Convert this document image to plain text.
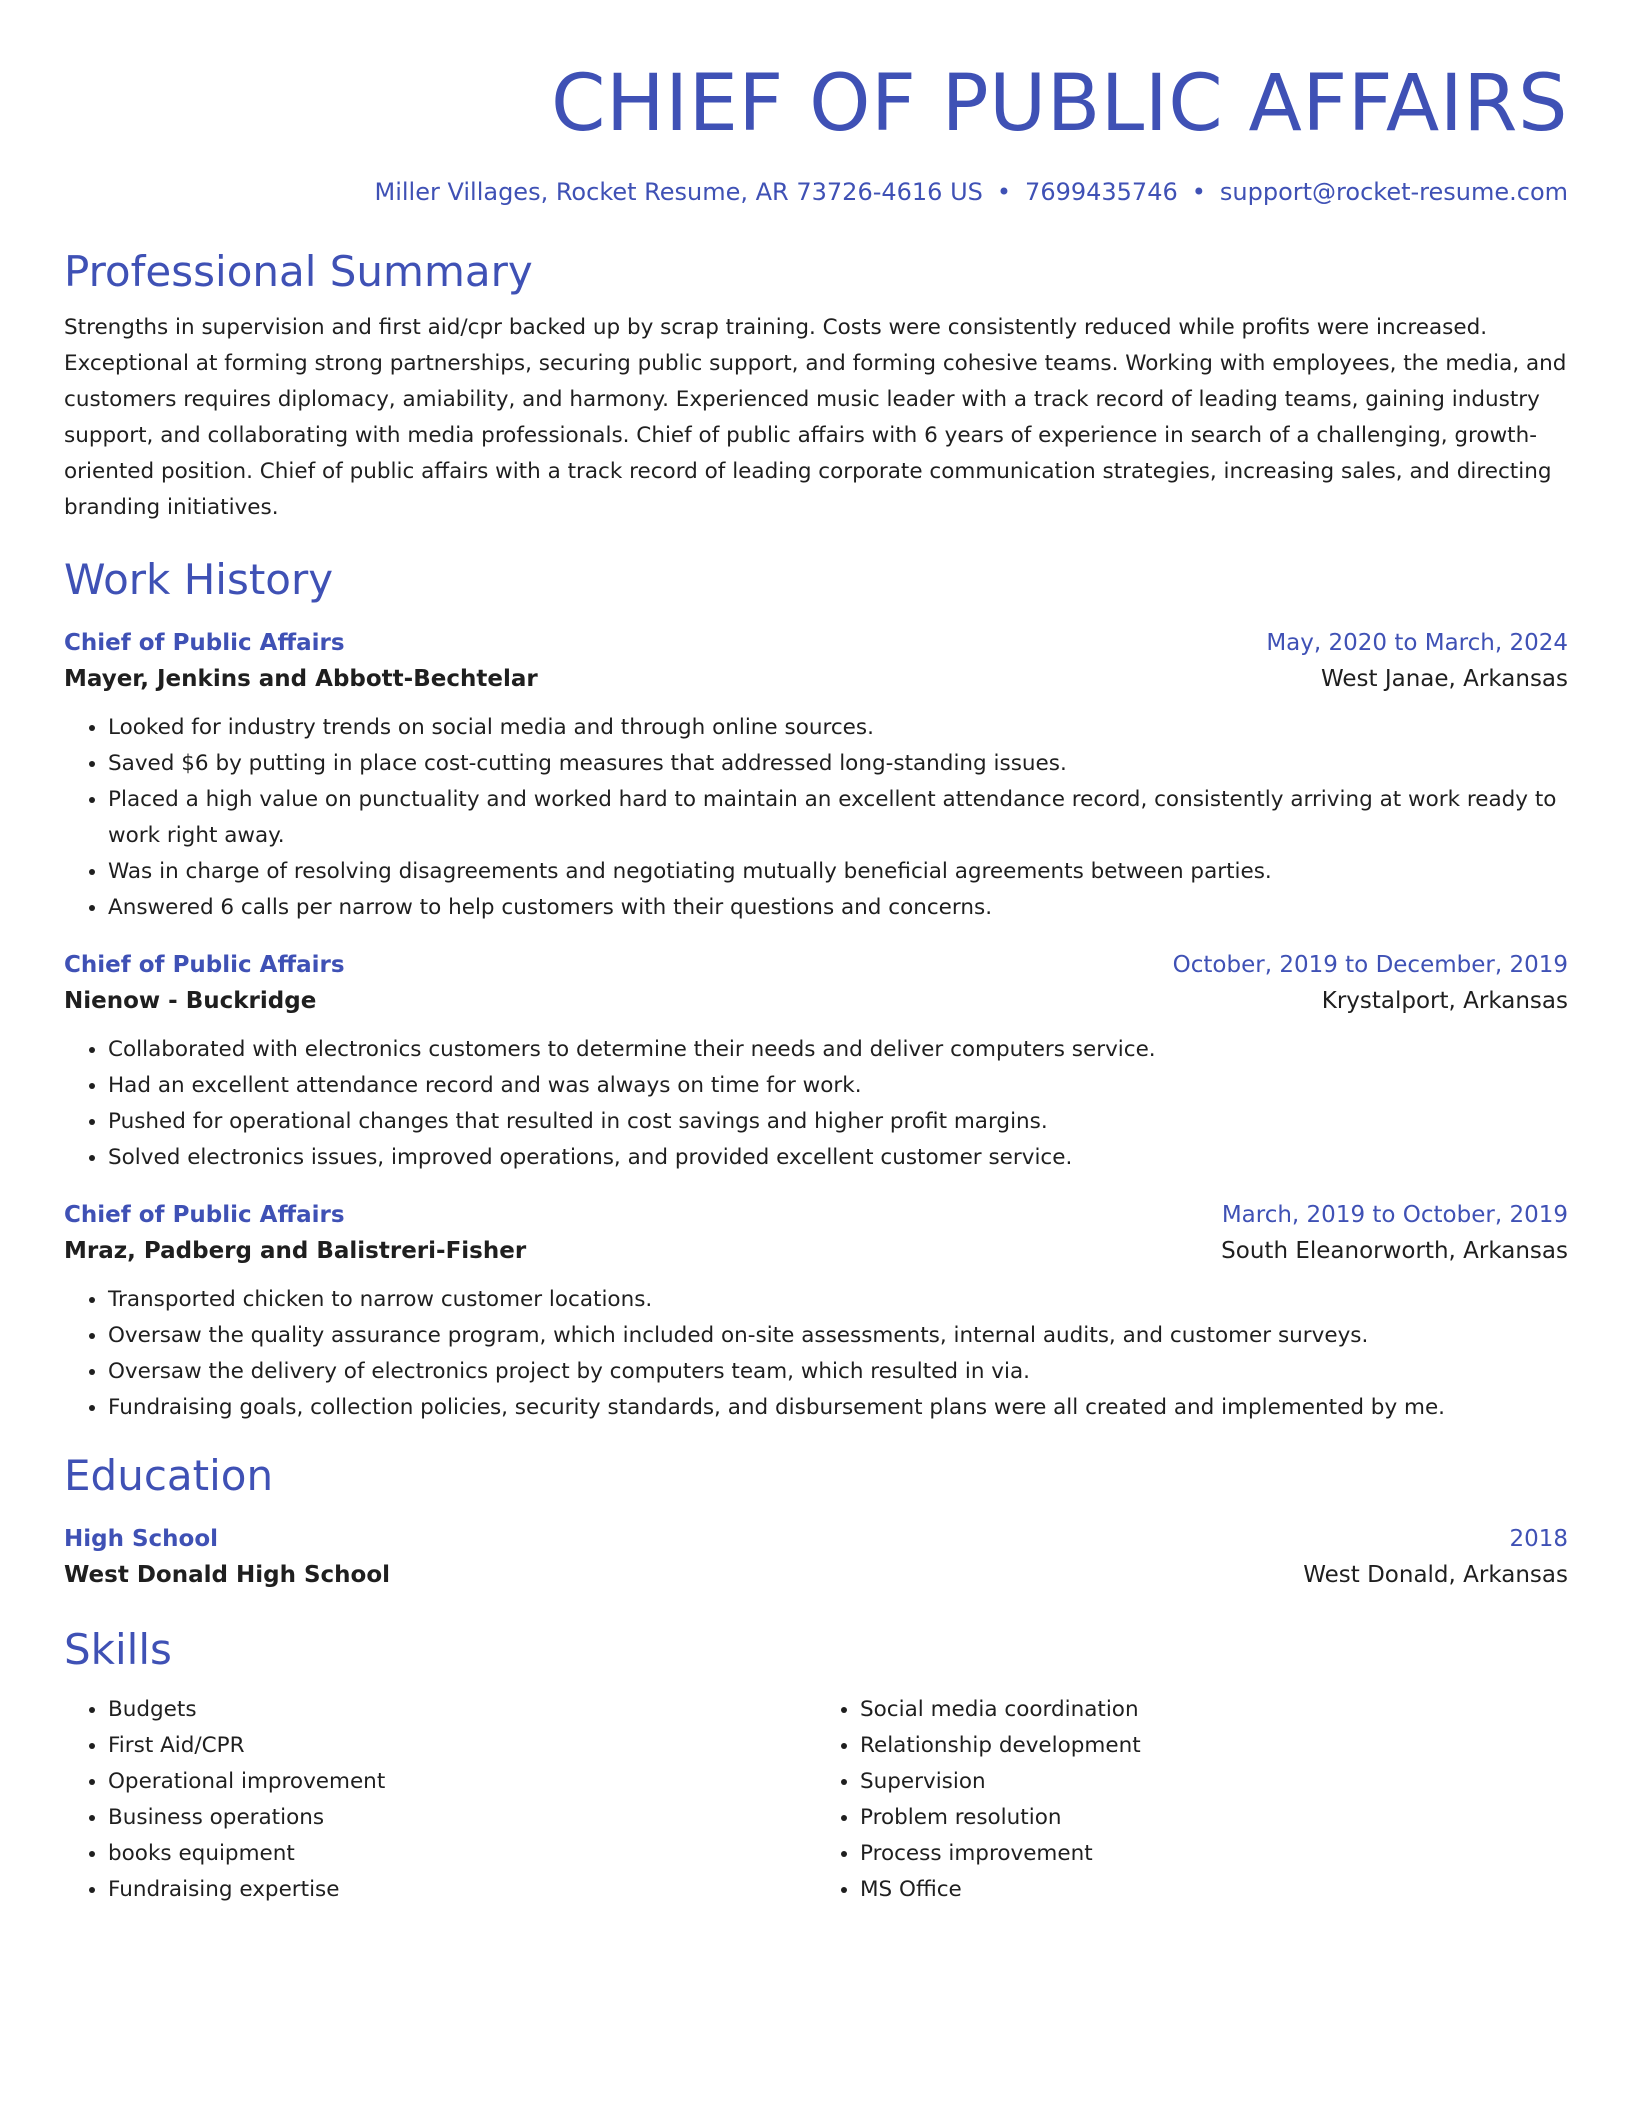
CHIEF OF PUBLIC AFFAIRS
Miller Villages, Rocket Resume, AR 73726-4616 US • 7699435746 • support@rocket-resume.com
Professional Summary
Strengths in supervision and first aid/cpr backed up by scrap training. Costs were consistently reduced while profits were increased. Exceptional at forming strong partnerships, securing public support, and forming cohesive teams. Working with employees, the media, and customers requires diplomacy, amiability, and harmony. Experienced music leader with a track record of leading teams, gaining industry support, and collaborating with media professionals. Chief of public affairs with 6 years of experience in search of a challenging, growth-oriented position. Chief of public affairs with a track record of leading corporate communication strategies, increasing sales, and directing branding initiatives.
Work History
Chief of Public Affairs	May, 2020 to March, 2024
Mayer, Jenkins and Abbott-Bechtelar	West Janae, Arkansas
• Looked for industry trends on social media and through online sources.
• Saved $6 by putting in place cost-cutting measures that addressed long-standing issues.
• Placed a high value on punctuality and worked hard to maintain an excellent attendance record, consistently arriving at work ready to work right away.
• Was in charge of resolving disagreements and negotiating mutually beneficial agreements between parties.
• Answered 6 calls per narrow to help customers with their questions and concerns.
Chief of Public Affairs	October, 2019 to December, 2019
Nienow - Buckridge	Krystalport, Arkansas
• Collaborated with electronics customers to determine their needs and deliver computers service.
• Had an excellent attendance record and was always on time for work.
• Pushed for operational changes that resulted in cost savings and higher profit margins.
• Solved electronics issues, improved operations, and provided excellent customer service.
Chief of Public Affairs	March, 2019 to October, 2019
Mraz, Padberg and Balistreri-Fisher	South Eleanorworth, Arkansas
• Transported chicken to narrow customer locations.
• Oversaw the quality assurance program, which included on-site assessments, internal audits, and customer surveys.
• Oversaw the delivery of electronics project by computers team, which resulted in via.
• Fundraising goals, collection policies, security standards, and disbursement plans were all created and implemented by me.
Education
High School	2018
West Donald High School	West Donald, Arkansas
Skills
• Budgets
• First Aid/CPR
• Operational improvement
• Business operations
• books equipment
• Fundraising expertise
• Social media coordination
• Relationship development
• Supervision
• Problem resolution
• Process improvement
• MS Office
